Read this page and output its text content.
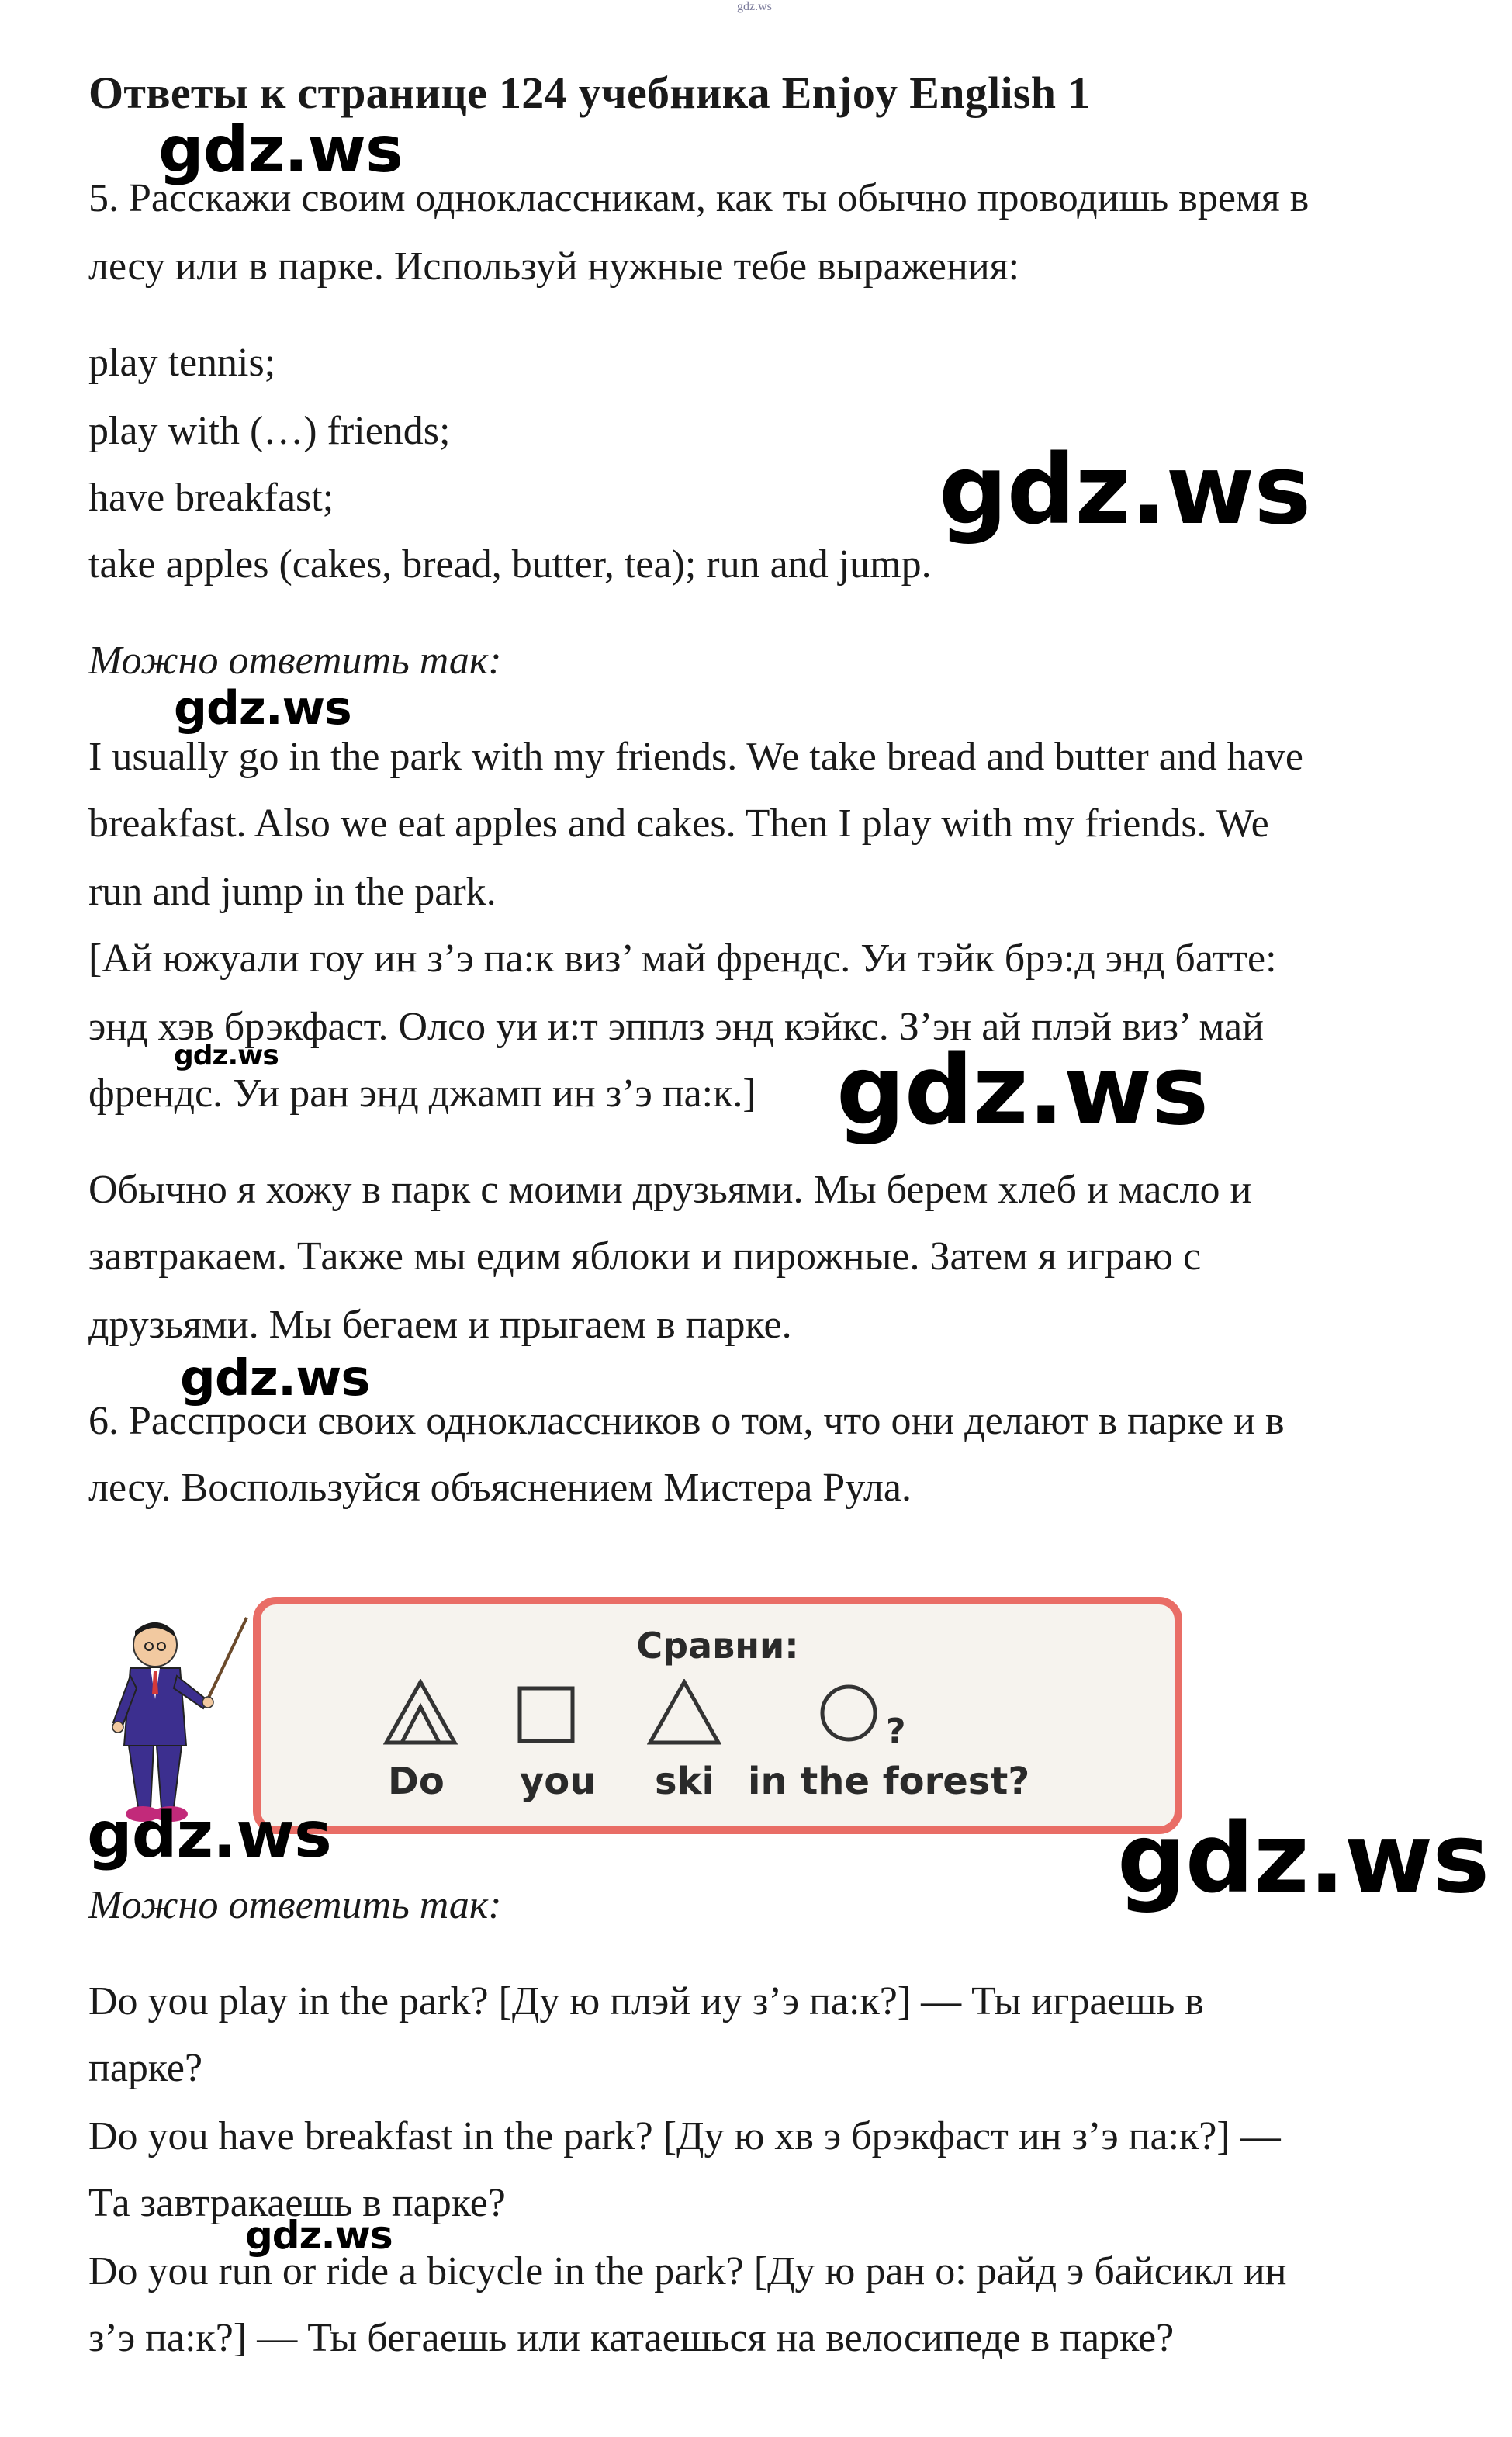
gdz.ws
Ответы к странице 124 учебника Enjoy English 1
5. Расскажи своим одноклассникам, как ты обычно проводишь время в
лесу или в парке. Используй нужные тебе выражения:
play tennis;
play with (…) friends;
have breakfast;
take apples (cakes, bread, butter, tea); run and jump.
Можно ответить так:
I usually go in the park with my friends. We take bread and butter and have
breakfast. Also we eat apples and cakes. Then I play with my friends. We
run and jump in the park.
[Ай южуали гоу ин з’э па:к виз’ май френдс. Уи тэйк брэ:д энд батте:
энд хэв брэкфаст. Олсо уи и:т эпплз энд кэйкс. З’эн ай плэй виз’ май
френдс. Уи ран энд джамп ин з’э па:к.]
Обычно я хожу в парк с моими друзьями. Мы берем хлеб и масло и
завтракаем. Также мы едим яблоки и пирожные. Затем я играю с
друзьями. Мы бегаем и прыгаем в парке.
6. Расспроси своих одноклассников о том, что они делают в парке и в
лесу. Воспользуйся объяснением Мистера Рула.
Сравни:
?
Do you ski in the forest?
Можно ответить так:
Do you play in the park? [Ду ю плэй иу з’э па:к?] — Ты играешь в
парке?
Do you have breakfast in the park? [Ду ю хв э брэкфаст ин з’э па:к?] —
Та завтракаешь в парке?
Do you run or ride a bicycle in the park? [Ду ю ран о: райд э байсикл ин
з’э па:к?] — Ты бегаешь или катаешься на велосипеде в парке?
gdz.ws
gdz.ws
gdz.ws
gdz.ws	gdz.ws
gdz.ws
gdz.ws	gdz.ws
gdz.ws
